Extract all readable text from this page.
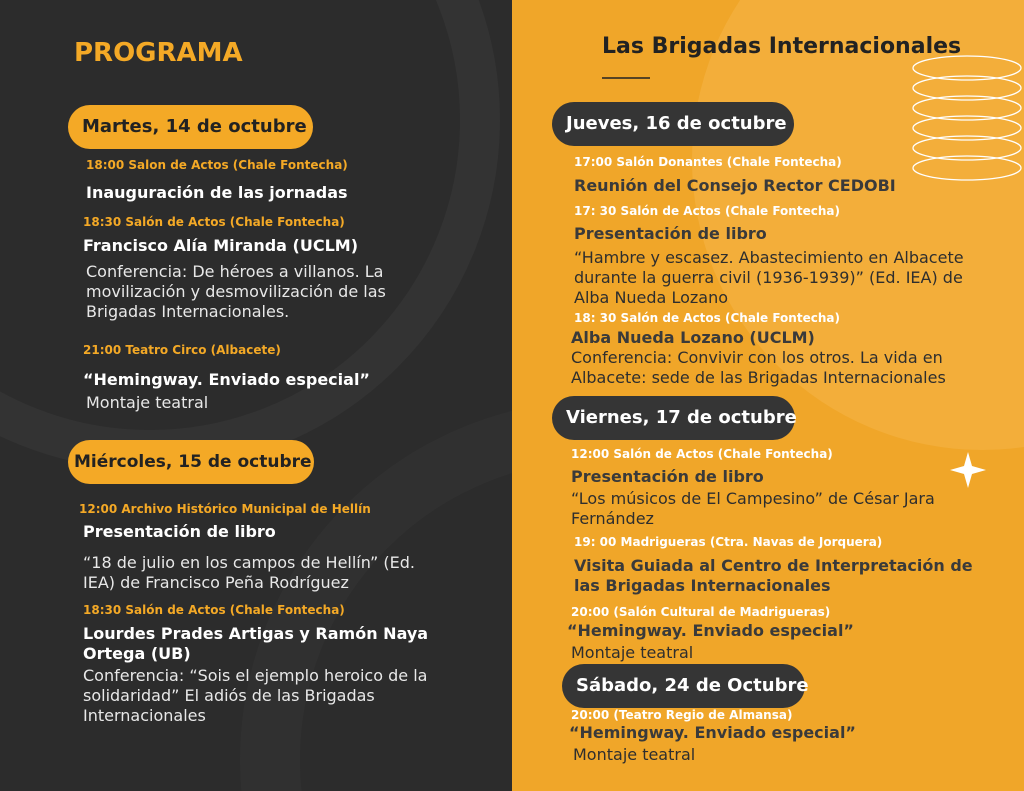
PROGRAMA
Martes, 14 de octubre
18:00 Salon de Actos (Chale Fontecha)
Inauguración de las jornadas
18:30 Salón de Actos (Chale Fontecha)
Francisco Alía Miranda (UCLM)
Conferencia: De héroes a villanos. La movilización y desmovilización de las Brigadas Internacionales.
21:00 Teatro Circo (Albacete)
“Hemingway. Enviado especial”
Montaje teatral
Miércoles, 15 de octubre
12:00 Archivo Histórico Municipal de Hellín
Presentación de libro
“18 de julio en los campos de Hellín” (Ed. IEA) de Francisco Peña Rodríguez
18:30 Salón de Actos (Chale Fontecha)
Lourdes Prades Artigas y Ramón Naya Ortega (UB)
Conferencia: “Sois el ejemplo heroico de la solidaridad” El adiós de las Brigadas Internacionales
Las Brigadas Internacionales
Jueves, 16 de octubre
17:00 Salón Donantes (Chale Fontecha)
Reunión del Consejo Rector CEDOBI
17: 30 Salón de Actos (Chale Fontecha)
Presentación de libro
“Hambre y escasez. Abastecimiento en Albacete durante la guerra civil (1936-1939)” (Ed. IEA) de Alba Nueda Lozano
18: 30 Salón de Actos (Chale Fontecha)
Alba Nueda Lozano (UCLM)
Conferencia: Convivir con los otros. La vida en Albacete: sede de las Brigadas Internacionales
Viernes, 17 de octubre
12:00 Salón de Actos (Chale Fontecha)
Presentación de libro
“Los músicos de El Campesino” de César Jara Fernández
19: 00 Madrigueras (Ctra. Navas de Jorquera)
Visita Guiada al Centro de Interpretación de las Brigadas Internacionales
20:00 (Salón Cultural de Madrigueras)
“Hemingway. Enviado especial”
Montaje teatral
Sábado, 24 de Octubre
20:00 (Teatro Regio de Almansa)
“Hemingway. Enviado especial”
Montaje teatral
